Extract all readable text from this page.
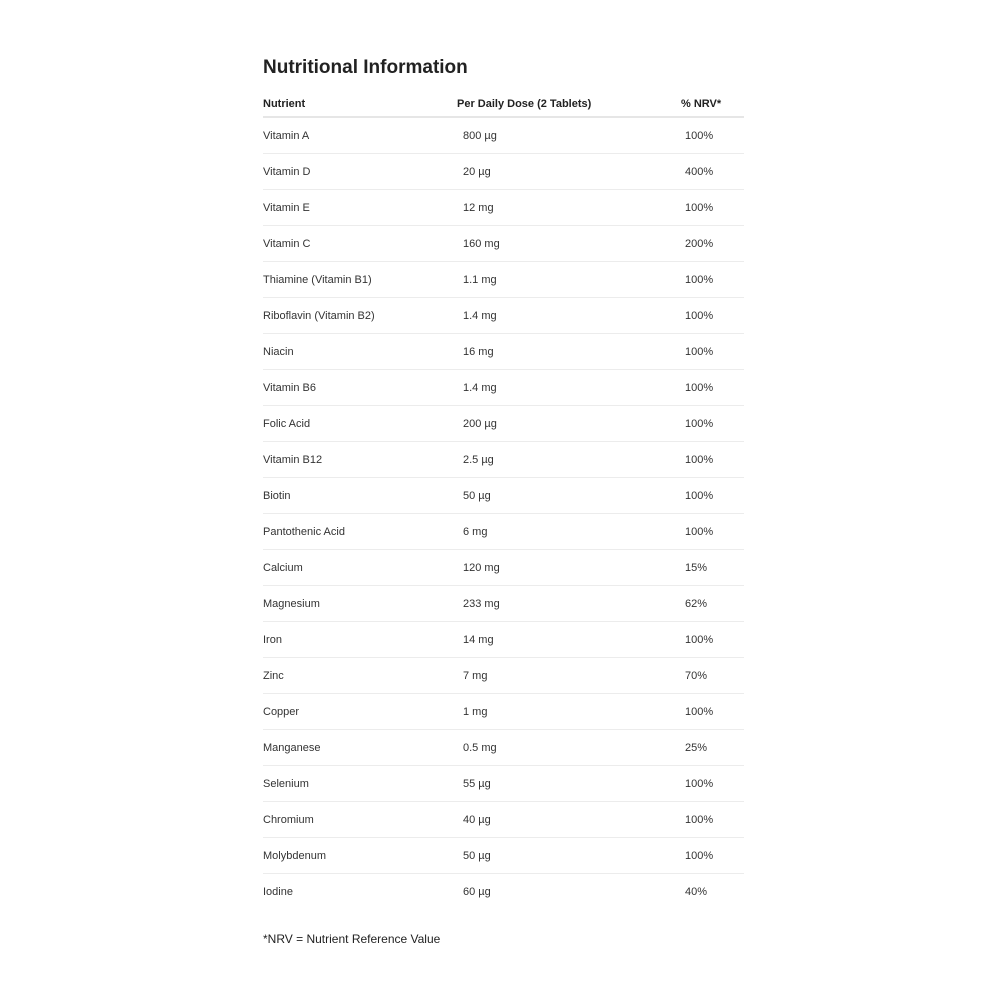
Nutritional Information
Nutrient	Per Daily Dose (2 Tablets)	% NRV*
Vitamin A	800 µg	100%
Vitamin D	20 µg	400%
Vitamin E	12 mg	100%
Vitamin C	160 mg	200%
Thiamine (Vitamin B1)	1.1 mg	100%
Riboflavin (Vitamin B2)	1.4 mg	100%
Niacin	16 mg	100%
Vitamin B6	1.4 mg	100%
Folic Acid	200 µg	100%
Vitamin B12	2.5 µg	100%
Biotin	50 µg	100%
Pantothenic Acid	6 mg	100%
Calcium	120 mg	15%
Magnesium	233 mg	62%
Iron	14 mg	100%
Zinc	7 mg	70%
Copper	1 mg	100%
Manganese	0.5 mg	25%
Selenium	55 µg	100%
Chromium	40 µg	100%
Molybdenum	50 µg	100%
Iodine	60 µg	40%

*NRV = Nutrient Reference Value
